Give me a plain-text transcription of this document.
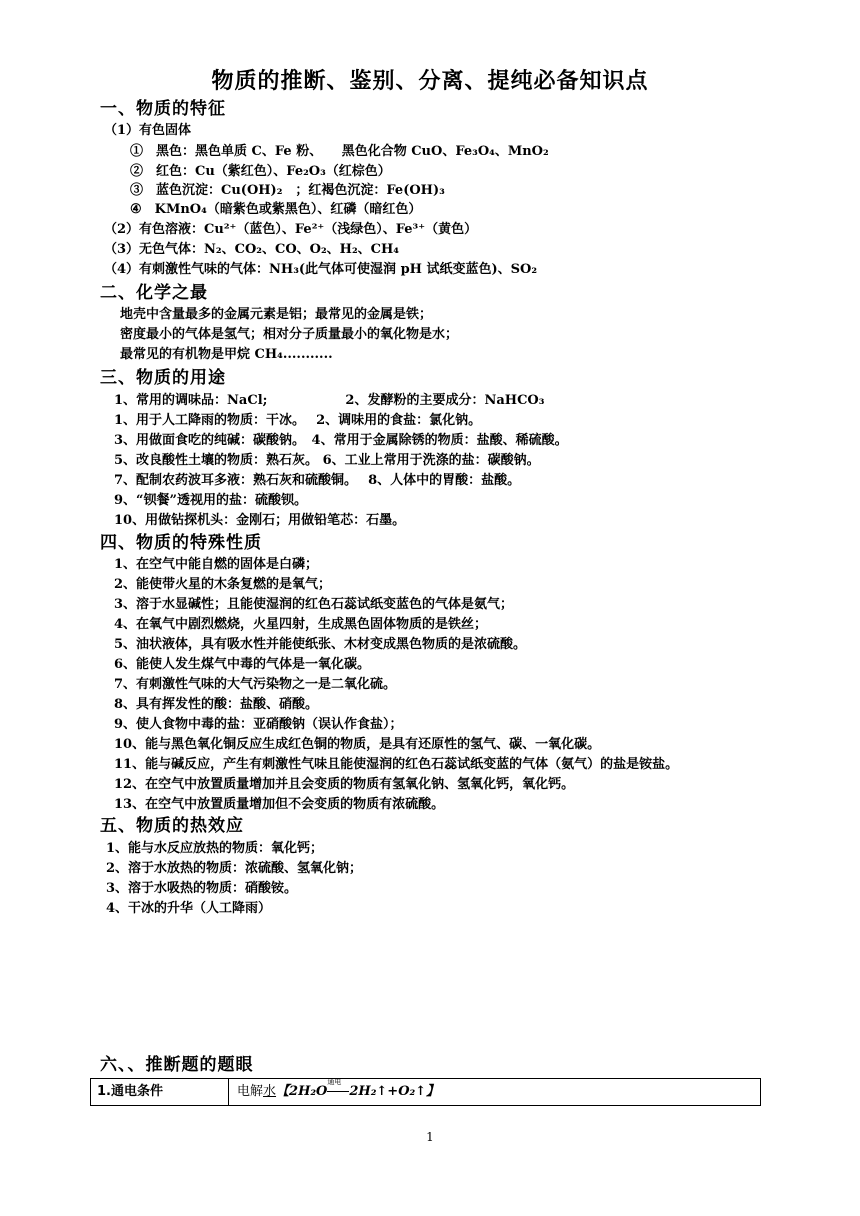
物质的推断、鉴别、分离、提纯必备知识点
一、物质的特征
（1）有色固体
①　黑色：黑色单质 C、Fe 粉、　　黑色化合物 CuO、Fe₃O₄、MnO₂
②　红色：Cu（紫红色）、Fe₂O₃（红棕色）
③　蓝色沉淀：Cu(OH)₂　；红褐色沉淀：Fe(OH)₃
④　KMnO₄（暗紫色或紫黑色）、红磷（暗红色）
（2）有色溶液：Cu²⁺（蓝色）、Fe²⁺（浅绿色）、Fe³⁺（黄色）
（3）无色气体：N₂、CO₂、CO、O₂、H₂、CH₄
（4）有刺激性气味的气体：NH₃(此气体可使湿润 pH 试纸变蓝色)、SO₂
二、化学之最
地壳中含量最多的金属元素是铝；最常见的金属是铁；
密度最小的气体是氢气；相对分子质量最小的氧化物是水；
最常见的有机物是甲烷 CH₄...........
三、物质的用途
1、常用的调味品：NaCl;　　　　　　2、发酵粉的主要成分：NaHCO₃
1、用于人工降雨的物质：干冰。　 2、调味用的食盐：氯化钠。
3、用做面食吃的纯碱：碳酸钠。　4、常用于金属除锈的物质：盐酸、稀硫酸。
5、改良酸性土壤的物质：熟石灰。 6、工业上常用于洗涤的盐：碳酸钠。
7、配制农药波耳多液：熟石灰和硫酸铜。　 8、人体中的胃酸：盐酸。
9、“钡餐”透视用的盐：硫酸钡。
10、用做钻探机头：金刚石；用做铅笔芯：石墨。
四、物质的特殊性质
1、在空气中能自燃的固体是白磷；
2、能使带火星的木条复燃的是氧气；
3、溶于水显碱性；且能使湿润的红色石蕊试纸变蓝色的气体是氨气；
4、在氧气中剧烈燃烧，火星四射，生成黑色固体物质的是铁丝；
5、油状液体，具有吸水性并能使纸张、木材变成黑色物质的是浓硫酸。
6、能使人发生煤气中毒的气体是一氧化碳。
7、有刺激性气味的大气污染物之一是二氧化硫。
8、具有挥发性的酸：盐酸、硝酸。
9、使人食物中毒的盐：亚硝酸钠（误认作食盐）；
10、能与黑色氧化铜反应生成红色铜的物质，是具有还原性的氢气、碳、一氧化碳。
11、能与碱反应，产生有刺激性气味且能使湿润的红色石蕊试纸变蓝的气体（氨气）的盐是铵盐。
12、在空气中放置质量增加并且会变质的物质有氢氧化钠、氢氧化钙，氧化钙。
13、在空气中放置质量增加但不会变质的物质有浓硫酸。
五、物质的热效应
1、能与水反应放热的物质：氧化钙；
2、溶于水放热的物质：浓硫酸、氢氧化钠；
3、溶于水吸热的物质：硝酸铵。
4、干冰的升华（人工降雨）
六、、推断题的题眼
1.通电条件	电解水【2H₂O
通电
2H₂↑+O₂↑】
1
